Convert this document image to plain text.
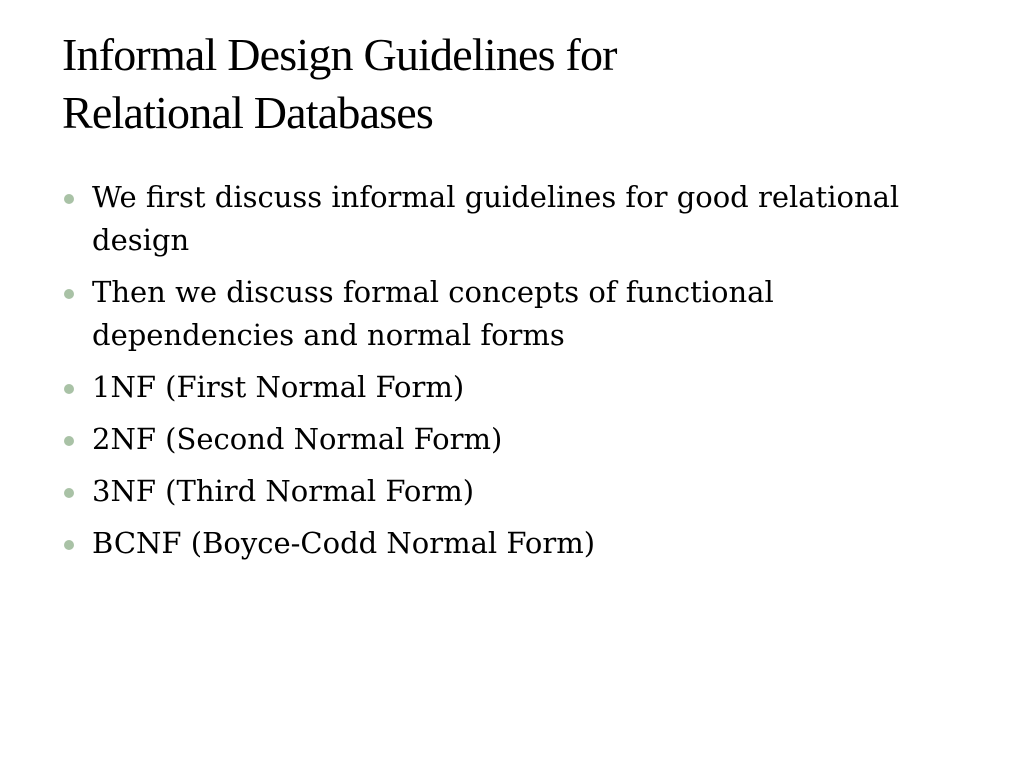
Informal Design Guidelines for
Relational Databases
We first discuss informal guidelines for good relational design
Then we discuss formal concepts of functional dependencies and normal forms
1NF (First Normal Form)
2NF (Second Normal Form)
3NF (Third Normal Form)
BCNF (Boyce-Codd Normal Form)
